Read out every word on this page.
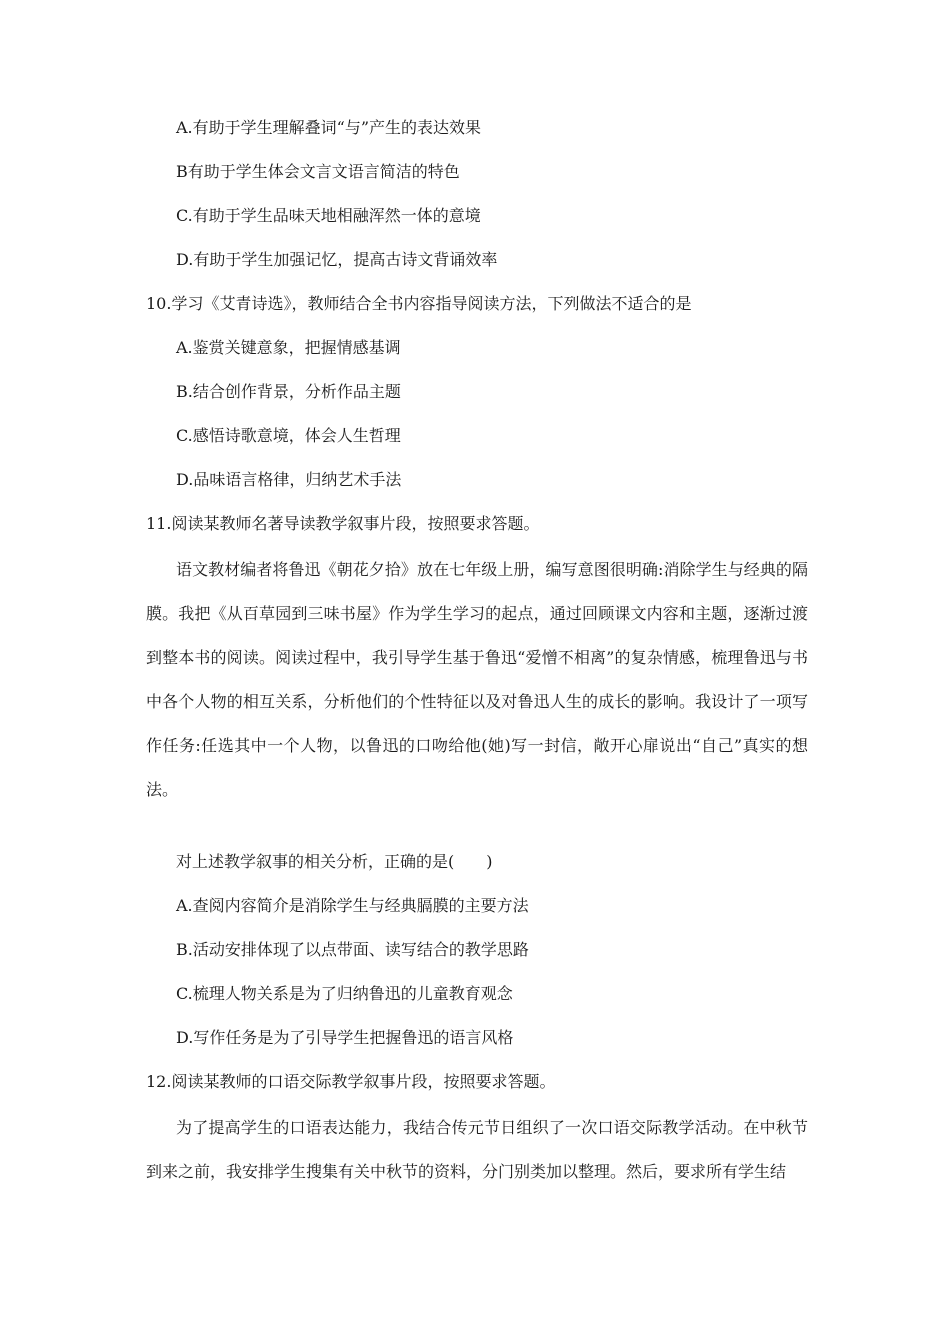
A.有助于学生理解叠词“与”产生的表达效果
B有助于学生体会文言文语言简洁的特色
C.有助于学生品味天地相融浑然一体的意境
D.有助于学生加强记忆，提高古诗文背诵效率
10.学习《艾青诗选》，教师结合全书内容指导阅读方法，下列做法不适合的是
A.鉴赏关键意象，把握情感基调
B.结合创作背景，分析作品主题
C.感悟诗歌意境，体会人生哲理
D.品味语言格律，归纳艺术手法
11.阅读某教师名著导读教学叙事片段，按照要求答题。
语文教材编者将鲁迅《朝花夕拾》放在七年级上册，编写意图很明确:消除学生与经典的隔膜。我把《从百草园到三味书屋》作为学生学习的起点，通过回顾课文内容和主题，逐渐过渡到整本书的阅读。阅读过程中，我引导学生基于鲁迅“爱憎不相离”的复杂情感，梳理鲁迅与书中各个人物的相互关系，分析他们的个性特征以及对鲁迅人生的成长的影响。我设计了一项写作任务:任选其中一个人物，以鲁迅的口吻给他(她)写一封信，敞开心扉说出“自己”真实的想法。
对上述教学叙事的相关分析，正确的是(　　)
A.查阅内容简介是消除学生与经典膈膜的主要方法
B.活动安排体现了以点带面、读写结合的教学思路
C.梳理人物关系是为了归纳鲁迅的儿童教育观念
D.写作任务是为了引导学生把握鲁迅的语言风格
12.阅读某教师的口语交际教学叙事片段，按照要求答题。
为了提高学生的口语表达能力，我结合传元节日组织了一次口语交际教学活动。在中秋节到来之前，我安排学生搜集有关中秋节的资料，分门别类加以整理。然后，要求所有学生结
